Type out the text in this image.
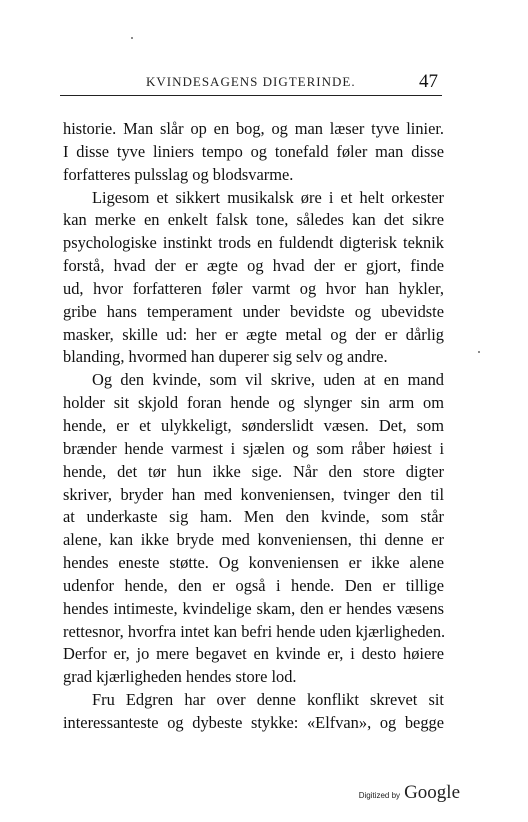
KVINDESAGENS DIGTERINDE.	47
historie. Man slår op en bog, og man læser tyve linier.
I disse tyve liniers tempo og tonefald føler man disse
forfatteres pulsslag og blodsvarme.
Ligesom et sikkert musikalsk øre i et helt orkester
kan merke en enkelt falsk tone, således kan det sikre
psychologiske instinkt trods en fuldendt digterisk teknik
forstå, hvad der er ægte og hvad der er gjort, finde
ud, hvor forfatteren føler varmt og hvor han hykler,
gribe hans temperament under bevidste og ubevidste
masker, skille ud: her er ægte metal og der er dårlig
blanding, hvormed han duperer sig selv og andre.
Og den kvinde, som vil skrive, uden at en mand
holder sit skjold foran hende og slynger sin arm om
hende, er et ulykkeligt, sønderslidt væsen. Det, som
brænder hende varmest i sjælen og som råber høiest i
hende, det tør hun ikke sige. Når den store digter
skriver, bryder han med konveniensen, tvinger den til
at underkaste sig ham. Men den kvinde, som står
alene, kan ikke bryde med konveniensen, thi denne er
hendes eneste støtte. Og konveniensen er ikke alene
udenfor hende, den er også i hende. Den er tillige
hendes intimeste, kvindelige skam, den er hendes væsens
rettesnor, hvorfra intet kan befri hende uden kjærligheden.
Derfor er, jo mere begavet en kvinde er, i desto høiere
grad kjærligheden hendes store lod.
Fru Edgren har over denne konflikt skrevet sit
interessanteste og dybeste stykke: «Elfvan», og begge
Digitized by Google
